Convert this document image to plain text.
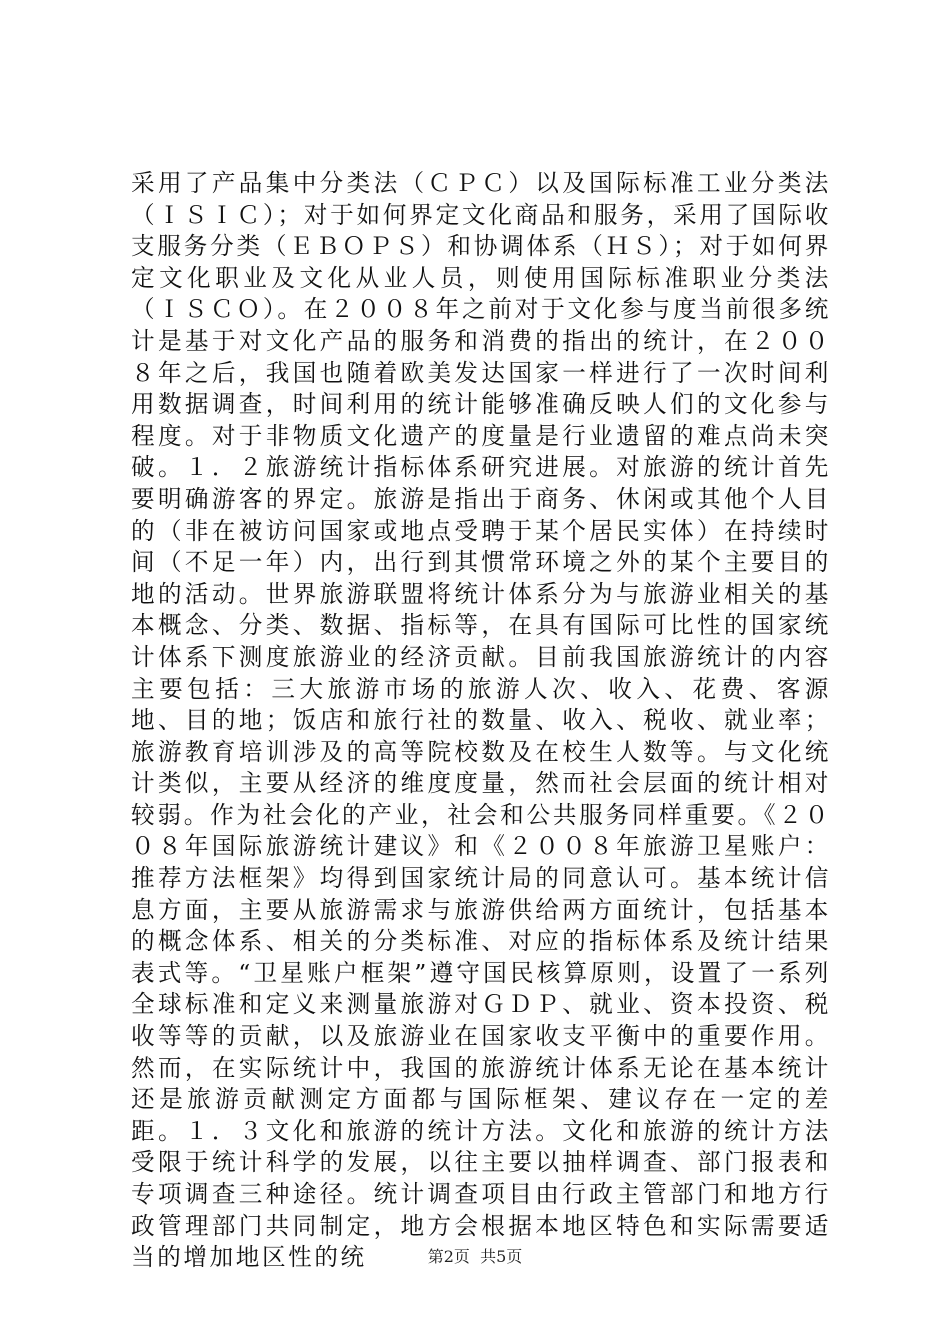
采用了产品集中分类法（ＣＰＣ）以及国际标准工业分类法（ＩＳＩＣ）；对于如何界定文化商品和服务，采用了国际收支服务分类（ＥＢＯＰＳ）和协调体系（ＨＳ）；对于如何界定文化职业及文化从业人员，则使用国际标准职业分类法（ＩＳＣＯ）。在２００８年之前对于文化参与度当前很多统计是基于对文化产品的服务和消费的指出的统计，在２００８年之后，我国也随着欧美发达国家一样进行了一次时间利用数据调查，时间利用的统计能够准确反映人们的文化参与程度。对于非物质文化遗产的度量是行业遗留的难点尚未突破。１．２旅游统计指标体系研究进展。对旅游的统计首先要明确游客的界定。旅游是指出于商务、休闲或其他个人目的（非在被访问国家或地点受聘于某个居民实体）在持续时间（不足一年）内，出行到其惯常环境之外的某个主要目的地的活动。世界旅游联盟将统计体系分为与旅游业相关的基本概念、分类、数据、指标等，在具有国际可比性的国家统计体系下测度旅游业的经济贡献。目前我国旅游统计的内容主要包括：三大旅游市场的旅游人次、收入、花费、客源地、目的地；饭店和旅行社的数量、收入、税收、就业率；旅游教育培训涉及的高等院校数及在校生人数等。与文化统计类似，主要从经济的维度度量，然而社会层面的统计相对较弱。作为社会化的产业，社会和公共服务同样重要。《２００８年国际旅游统计建议》和《２００８年旅游卫星账户：推荐方法框架》均得到国家统计局的同意认可。基本统计信息方面，主要从旅游需求与旅游供给两方面统计，包括基本的概念体系、相关的分类标准、对应的指标体系及统计结果表式等。“卫星账户框架”遵守国民核算原则，设置了一系列全球标准和定义来测量旅游对ＧＤＰ、就业、资本投资、税收等等的贡献，以及旅游业在国家收支平衡中的重要作用。然而，在实际统计中，我国的旅游统计体系无论在基本统计还是旅游贡献测定方面都与国际框架、建议存在一定的差距。１．３文化和旅游的统计方法。文化和旅游的统计方法受限于统计科学的发展，以往主要以抽样调查、部门报表和专项调查三种途径。统计调查项目由行政主管部门和地方行政管理部门共同制定，地方会根据本地区特色和实际需要适当的增加地区性的统	第2页  共5页
